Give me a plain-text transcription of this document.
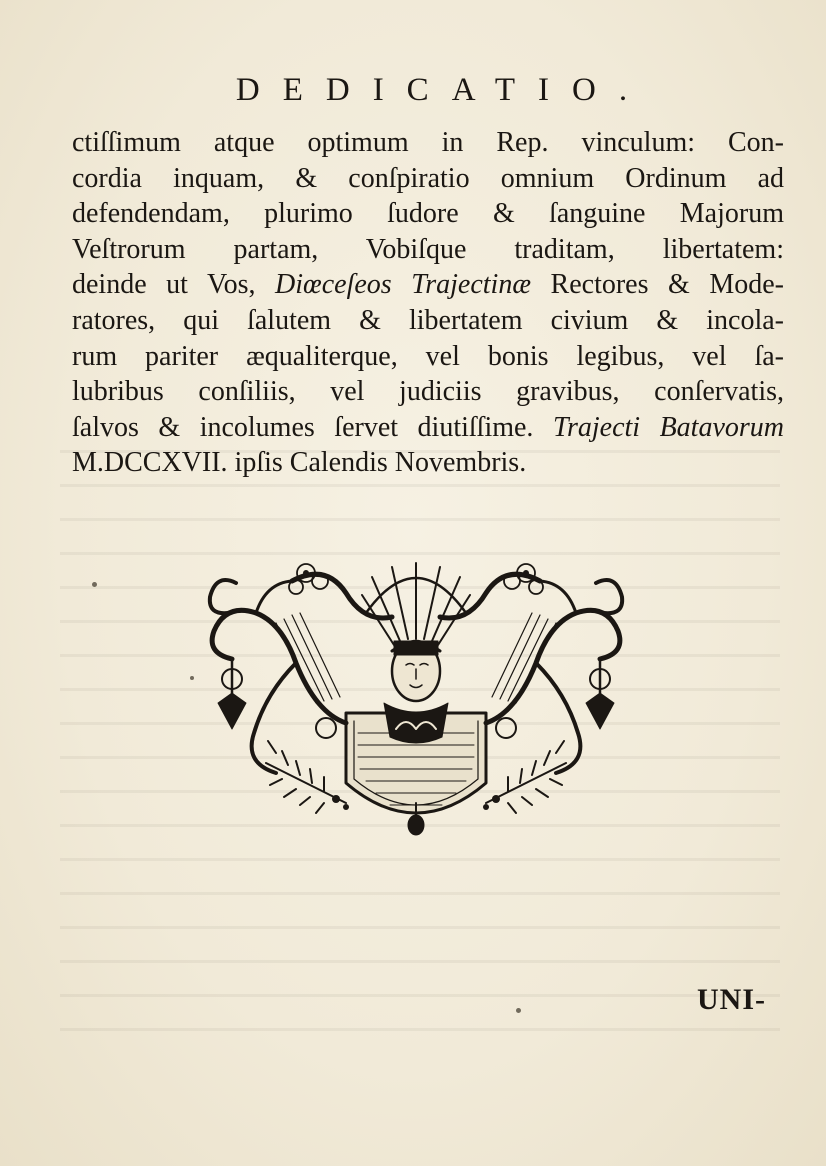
DEDICATIO.
ctiſſimum atque optimum in Rep. vinculum: Con-
cordia inquam, & conſpiratio omnium Ordinum ad
defendendam, plurimo ſudore & ſanguine Majorum
Veſtrorum partam, Vobiſque traditam, libertatem:
deinde ut Vos, Diœceſeos Trajectinæ Rectores & Mode-
ratores, qui ſalutem & libertatem civium & incola-
rum pariter æqualiterque, vel bonis legibus, vel ſa-
lubribus conſiliis, vel judiciis gravibus, conſervatis,
ſalvos & incolumes ſervet diutiſſime. Trajecti Batavorum
M.DCCXVII. ipſis Calendis Novembris.
UNI-
